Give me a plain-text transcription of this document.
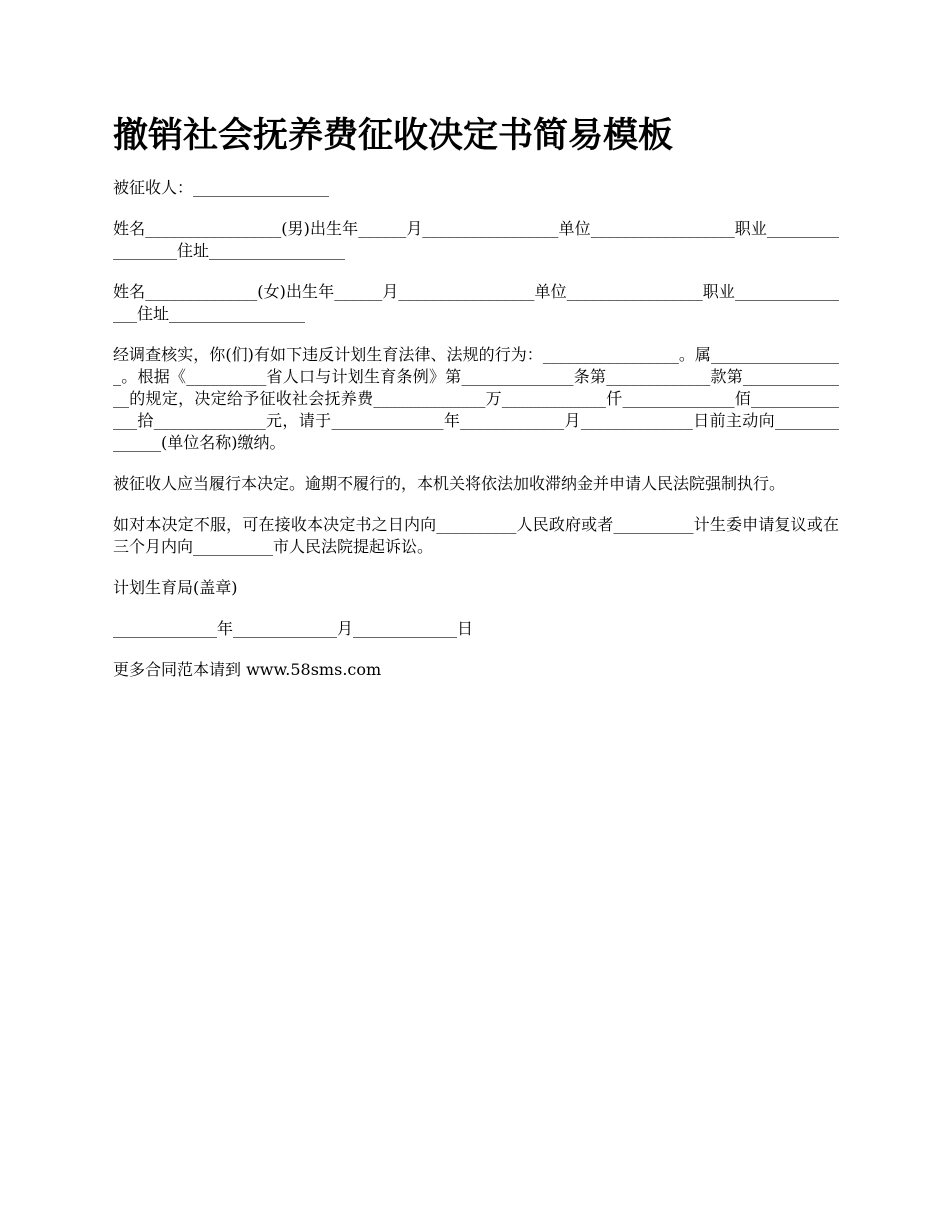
撤销社会抚养费征收决定书简易模板

被征收人：_________________

姓名_________________(男)出生年______月_________________单位__________________职业_________________住址_________________

姓名______________(女)出生年______月_________________单位_________________职业________________住址_________________

经调查核实，你(们)有如下违反计划生育法律、法规的行为：_________________。属_________________。根据《__________省人口与计划生育条例》第______________条第_____________款第______________的规定，决定给予征收社会抚养费______________万_____________仟______________佰______________拾______________元，请于______________年_____________月______________日前主动向______________(单位名称)缴纳。

被征收人应当履行本决定。逾期不履行的，本机关将依法加收滞纳金并申请人民法院强制执行。

如对本决定不服，可在接收本决定书之日内向__________人民政府或者__________计生委申请复议或在三个月内向__________市人民法院提起诉讼。

计划生育局(盖章)

_____________年_____________月_____________日

更多合同范本请到 www.58sms.com
